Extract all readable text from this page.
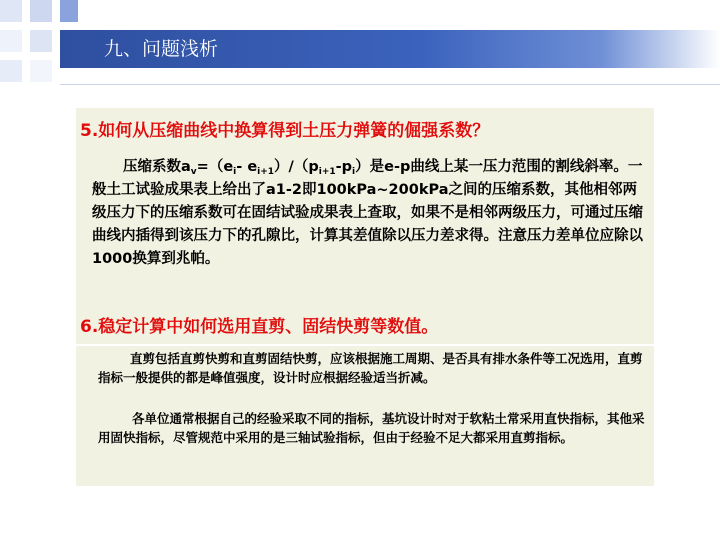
九、问题浅析
5.如何从压缩曲线中换算得到土压力弹簧的倔强系数？
压缩系数$a_v=(e_i-$ $e_{i+1})/(p_{i+1}-p_i)$是e-p曲线上某一压力范围的割线斜率。一般土工试验成果表上给出了a1-2即100kPa~200kPa之间的压缩系数，其他相邻两级压力下的压缩系数可在固结试验成果表上查取，如果不是相邻两级压力，可通过压缩曲线内插得到该压力下的孔隙比，计算其差值除以压力差求得。注意压力差单位应除以1000换算到兆帕。
6.稳定计算中如何选用直剪、固结快剪等数值。
直剪包括直剪快剪和直剪固结快剪，应该根据施工周期、是否具有排水条件等工况选用，直剪指标一般提供的都是峰值强度，设计时应根据经验适当折减。
各单位通常根据自己的经验采取不同的指标，基坑设计时对于软粘土常采用直快指标，其他采用固快指标，尽管规范中采用的是三轴试验指标，但由于经验不足大都采用直剪指标。
